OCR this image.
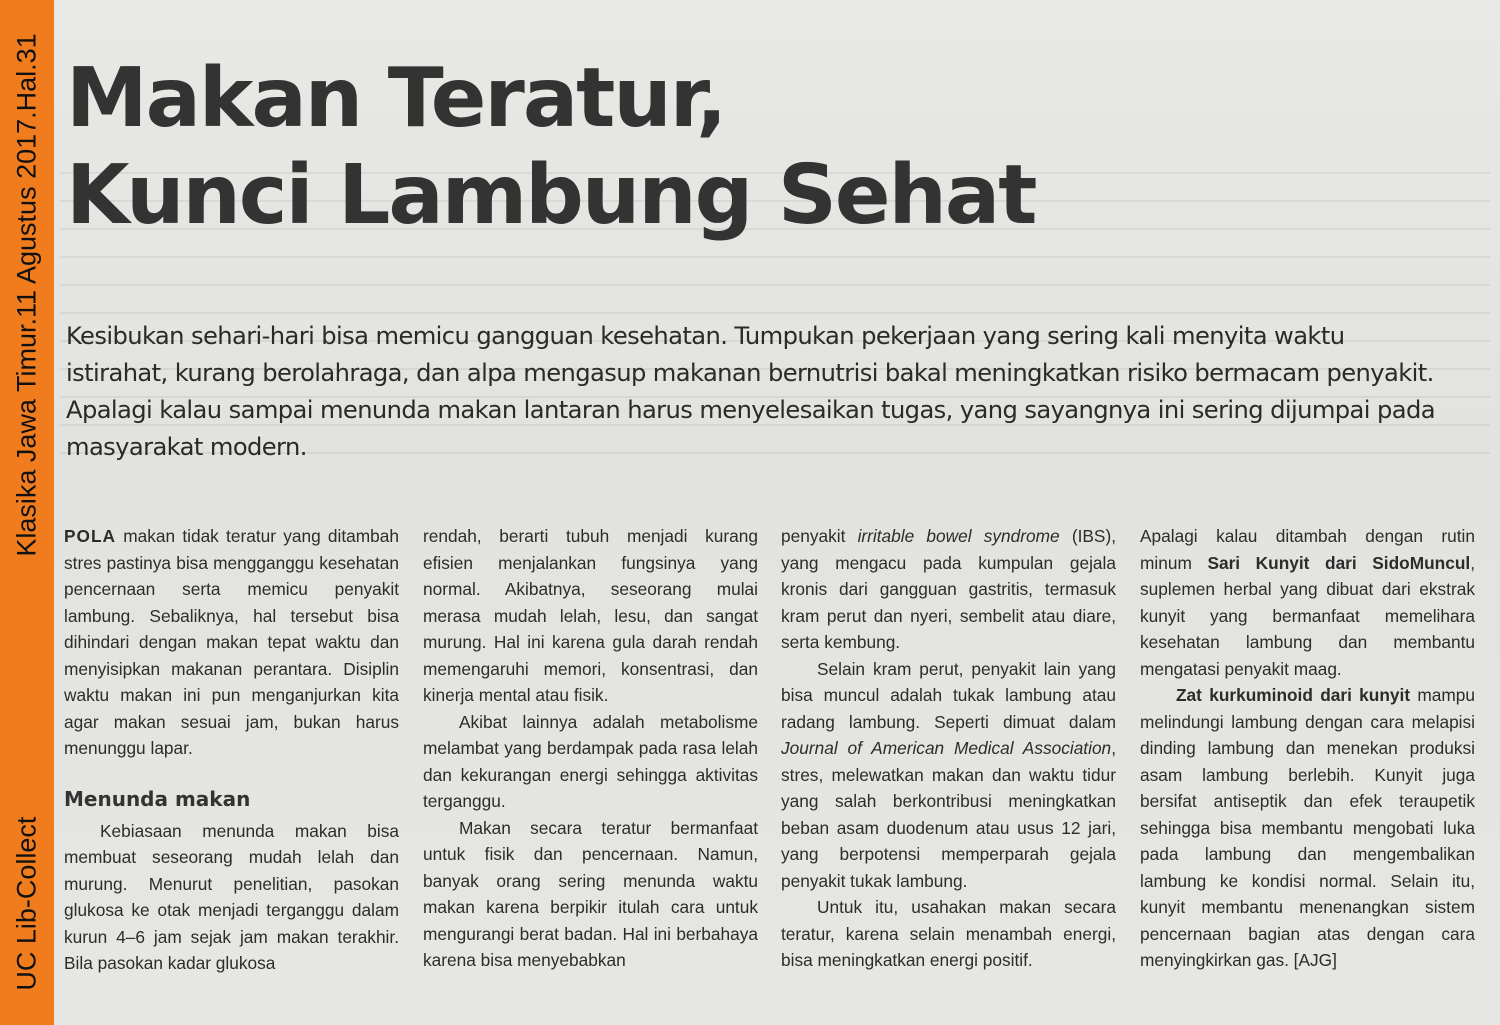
UC Lib-CollectKlasika Jawa Timur.11 Agustus 2017.Hal.31 Makan Teratur,
Kunci Lambung Sehat

Kesibukan sehari-hari bisa memicu gangguan kesehatan. Tumpukan pekerjaan yang sering kali menyita waktu istirahat, kurang berolahraga, dan alpa mengasup makanan bernutrisi bakal meningkatkan risiko bermacam penyakit. Apalagi kalau sampai menunda makan lantaran harus menyelesaikan tugas, yang sayangnya ini sering dijumpai pada masyarakat modern.

POLA makan tidak teratur yang ditambah stres pastinya bisa mengganggu kesehatan pencernaan serta memicu penyakit lambung. Sebaliknya, hal tersebut bisa dihindari dengan makan tepat waktu dan menyisipkan makanan perantara. Disiplin waktu makan ini pun menganjurkan kita agar makan sesuai jam, bukan harus menunggu lapar.

Menunda makan

Kebiasaan menunda makan bisa membuat seseorang mudah lelah dan murung. Menurut penelitian, pasokan glukosa ke otak menjadi terganggu dalam kurun 4–6 jam sejak jam makan terakhir. Bila pasokan kadar glukosa

rendah, berarti tubuh menjadi kurang efisien menjalankan fungsinya yang normal. Akibatnya, seseorang mulai merasa mudah lelah, lesu, dan sangat murung. Hal ini karena gula darah rendah memengaruhi memori, konsentrasi, dan kinerja mental atau fisik.

Akibat lainnya adalah metabolisme melambat yang berdampak pada rasa lelah dan kekurangan energi sehingga aktivitas terganggu.

Makan secara teratur bermanfaat untuk fisik dan pencernaan. Namun, banyak orang sering menunda waktu makan karena berpikir itulah cara untuk mengurangi berat badan. Hal ini berbahaya karena bisa menyebabkan

penyakit irritable bowel syndrome (IBS), yang mengacu pada kumpulan gejala kronis dari gangguan gastritis, termasuk kram perut dan nyeri, sembelit atau diare, serta kembung.

Selain kram perut, penyakit lain yang bisa muncul adalah tukak lambung atau radang lambung. Seperti dimuat dalam Journal of American Medical Association, stres, melewatkan makan dan waktu tidur yang salah berkontribusi meningkatkan beban asam duodenum atau usus 12 jari, yang berpotensi memperparah gejala penyakit tukak lambung.

Untuk itu, usahakan makan secara teratur, karena selain menambah energi, bisa meningkatkan energi positif.

Apalagi kalau ditambah dengan rutin minum Sari Kunyit dari SidoMuncul, suplemen herbal yang dibuat dari ekstrak kunyit yang bermanfaat memelihara kesehatan lambung dan membantu mengatasi penyakit maag.

Zat kurkuminoid dari kunyit mampu melindungi lambung dengan cara melapisi dinding lambung dan menekan produksi asam lambung berlebih. Kunyit juga bersifat antiseptik dan efek teraupetik sehingga bisa membantu mengobati luka pada lambung dan mengembalikan lambung ke kondisi normal. Selain itu, kunyit membantu menenangkan sistem pencernaan bagian atas dengan cara menyingkirkan gas. [AJG]
